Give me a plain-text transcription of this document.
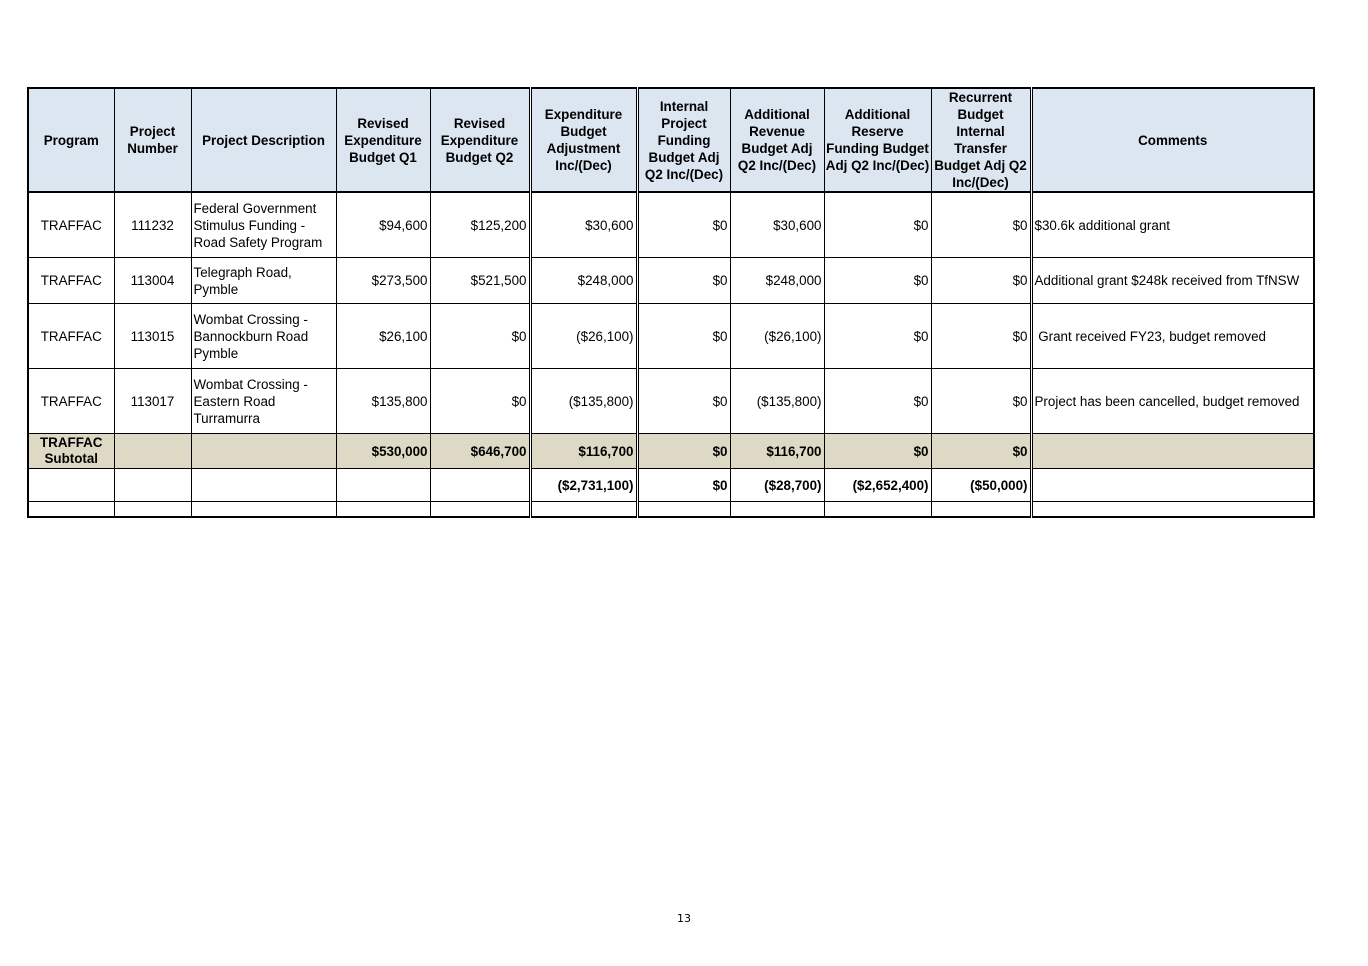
Program	Project Number	Project Description	Revised Expenditure Budget Q1	Revised Expenditure Budget Q2	Expenditure Budget Adjustment Inc/(Dec)	Internal Project Funding Budget Adj Q2 Inc/(Dec)	Additional Revenue Budget Adj Q2 Inc/(Dec)	Additional Reserve Funding Budget Adj Q2 Inc/(Dec)	Recurrent Budget Internal Transfer Budget Adj Q2 Inc/(Dec)	Comments
TRAFFAC	111232	Federal Government Stimulus Funding - Road Safety Program	$94,600	$125,200	$30,600	$0	$30,600	$0	$0	$30.6k additional grant
TRAFFAC	113004	Telegraph Road, Pymble	$273,500	$521,500	$248,000	$0	$248,000	$0	$0	Additional grant $248k received from TfNSW
TRAFFAC	113015	Wombat Crossing - Bannockburn Road Pymble	$26,100	$0	($26,100)	$0	($26,100)	$0	$0	Grant received FY23, budget removed
TRAFFAC	113017	Wombat Crossing - Eastern Road Turramurra	$135,800	$0	($135,800)	$0	($135,800)	$0	$0	Project has been cancelled, budget removed
TRAFFAC Subtotal			$530,000	$646,700	$116,700	$0	$116,700	$0	$0	
					($2,731,100)	$0	($28,700)	($2,652,400)	($50,000)	

13
